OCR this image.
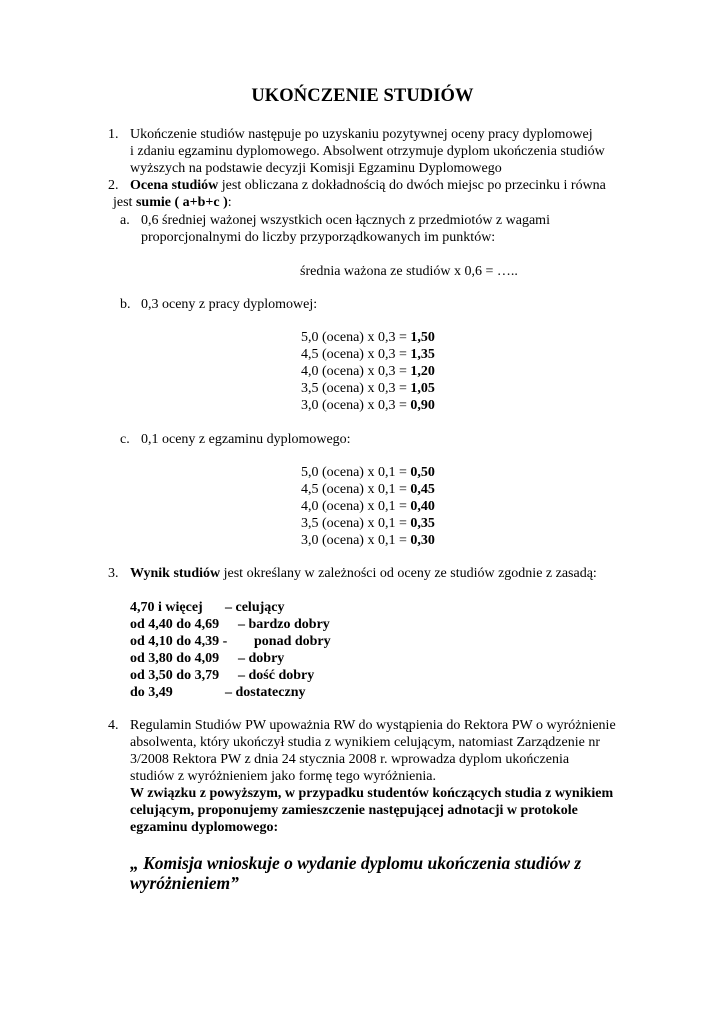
UKOŃCZENIE STUDIÓW
1. Ukończenie studiów następuje po uzyskaniu pozytywnej oceny pracy dyplomowej
i zdaniu egzaminu dyplomowego. Absolwent otrzymuje dyplom ukończenia studiów
wyższych na podstawie decyzji Komisji Egzaminu Dyplomowego
2. Ocena studiów jest obliczana z dokładnością do dwóch miejsc po przecinku i równa
jest sumie ( a+b+c ):
a. 0,6 średniej ważonej wszystkich ocen łącznych z przedmiotów z wagami
proporcjonalnymi do liczby przyporządkowanych im punktów:
średnia ważona ze studiów x 0,6 = …..
b. 0,3 oceny z pracy dyplomowej:
5,0 (ocena) x 0,3 = 1,50
4,5 (ocena) x 0,3 = 1,35
4,0 (ocena) x 0,3 = 1,20
3,5 (ocena) x 0,3 = 1,05
3,0 (ocena) x 0,3 = 0,90
c. 0,1 oceny z egzaminu dyplomowego:
5,0 (ocena) x 0,1 = 0,50
4,5 (ocena) x 0,1 = 0,45
4,0 (ocena) x 0,1 = 0,40
3,5 (ocena) x 0,1 = 0,35
3,0 (ocena) x 0,1 = 0,30
3. Wynik studiów jest określany w zależności od oceny ze studiów zgodnie z zasadą:
4,70 i więcej – celujący
od 4,40 do 4,69 – bardzo dobry
od 4,10 do 4,39 - ponad dobry
od 3,80 do 4,09 – dobry
od 3,50 do 3,79 – dość dobry
do 3,49	– dostateczny
4. Regulamin Studiów PW upoważnia RW do wystąpienia do Rektora PW o wyróżnienie
absolwenta, który ukończył studia z wynikiem celującym, natomiast Zarządzenie nr
3/2008 Rektora PW z dnia 24 stycznia 2008 r. wprowadza dyplom ukończenia
studiów z wyróżnieniem jako formę tego wyróżnienia.
W związku z powyższym, w przypadku studentów kończących studia z wynikiem
celującym, proponujemy zamieszczenie następującej adnotacji w protokole
egzaminu dyplomowego:
„ Komisja wnioskuje o wydanie dyplomu ukończenia studiów z
wyróżnieniem”
